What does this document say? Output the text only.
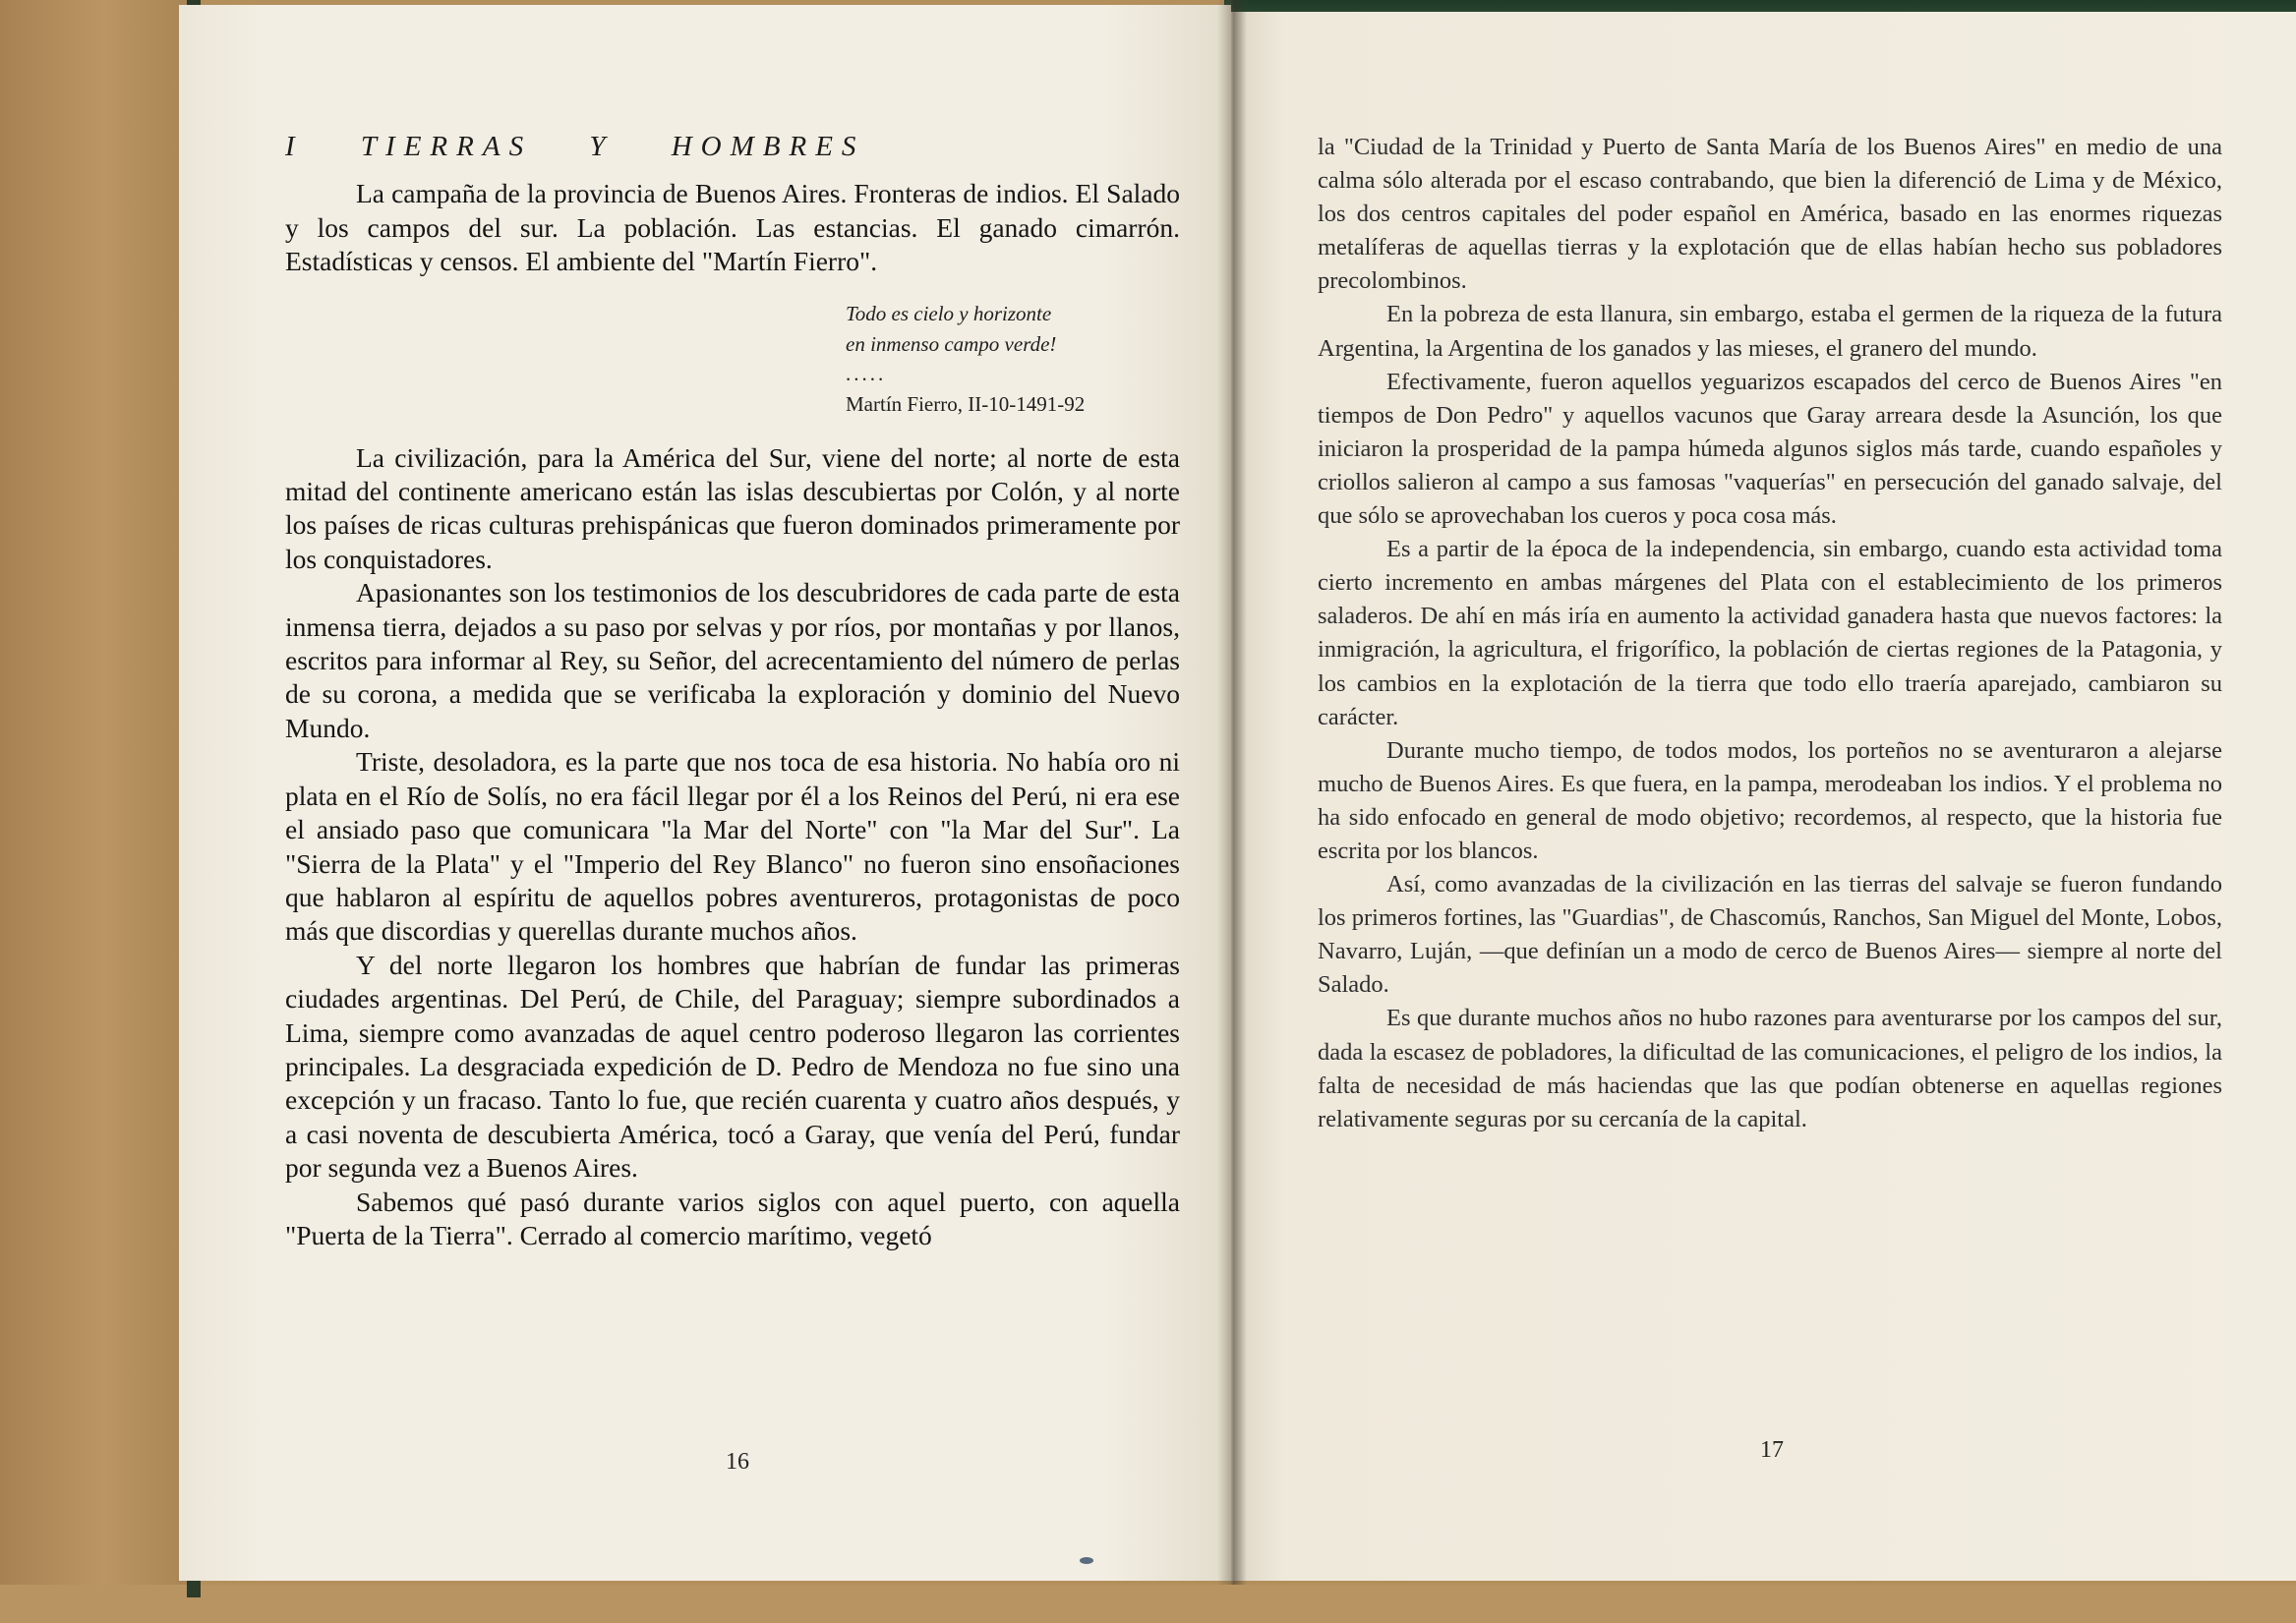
I TIERRAS Y HOMBRES

La campaña de la provincia de Buenos Aires. Fronteras de indios. El Salado y los campos del sur. La población. Las estancias. El ganado cimarrón. Estadísticas y censos. El ambiente del "Martín Fierro".

Todo es cielo y horizonte
en inmenso campo verde!
.....
Martín Fierro, II-10-1491-92

La civilización, para la América del Sur, viene del norte; al norte de esta mitad del continente americano están las islas descubiertas por Colón, y al norte los países de ricas culturas prehispánicas que fueron dominados primeramente por los conquistadores.

Apasionantes son los testimonios de los descubridores de cada parte de esta inmensa tierra, dejados a su paso por selvas y por ríos, por montañas y por llanos, escritos para informar al Rey, su Señor, del acrecentamiento del número de perlas de su corona, a medida que se verificaba la exploración y dominio del Nuevo Mundo.

Triste, desoladora, es la parte que nos toca de esa historia. No había oro ni plata en el Río de Solís, no era fácil llegar por él a los Reinos del Perú, ni era ese el ansiado paso que comunicara "la Mar del Norte" con "la Mar del Sur". La "Sierra de la Plata" y el "Imperio del Rey Blanco" no fueron sino ensoñaciones que hablaron al espíritu de aquellos pobres aventureros, protagonistas de poco más que discordias y querellas durante muchos años.

Y del norte llegaron los hombres que habrían de fundar las primeras ciudades argentinas. Del Perú, de Chile, del Paraguay; siempre subordinados a Lima, siempre como avanzadas de aquel centro poderoso llegaron las corrientes principales. La desgraciada expedición de D. Pedro de Mendoza no fue sino una excepción y un fracaso. Tanto lo fue, que recién cuarenta y cuatro años después, y a casi noventa de descubierta América, tocó a Garay, que venía del Perú, fundar por segunda vez a Buenos Aires.

Sabemos qué pasó durante varios siglos con aquel puerto, con aquella "Puerta de la Tierra". Cerrado al comercio marítimo, vegetó

16

la "Ciudad de la Trinidad y Puerto de Santa María de los Buenos Aires" en medio de una calma sólo alterada por el escaso contrabando, que bien la diferenció de Lima y de México, los dos centros capitales del poder español en América, basado en las enormes riquezas metalíferas de aquellas tierras y la explotación que de ellas habían hecho sus pobladores precolombinos.

En la pobreza de esta llanura, sin embargo, estaba el germen de la riqueza de la futura Argentina, la Argentina de los ganados y las mieses, el granero del mundo.

Efectivamente, fueron aquellos yeguarizos escapados del cerco de Buenos Aires "en tiempos de Don Pedro" y aquellos vacunos que Garay arreara desde la Asunción, los que iniciaron la prosperidad de la pampa húmeda algunos siglos más tarde, cuando españoles y criollos salieron al campo a sus famosas "vaquerías" en persecución del ganado salvaje, del que sólo se aprovechaban los cueros y poca cosa más.

Es a partir de la época de la independencia, sin embargo, cuando esta actividad toma cierto incremento en ambas márgenes del Plata con el establecimiento de los primeros saladeros. De ahí en más iría en aumento la actividad ganadera hasta que nuevos factores: la inmigración, la agricultura, el frigorífico, la población de ciertas regiones de la Patagonia, y los cambios en la explotación de la tierra que todo ello traería aparejado, cambiaron su carácter.

Durante mucho tiempo, de todos modos, los porteños no se aventuraron a alejarse mucho de Buenos Aires. Es que fuera, en la pampa, merodeaban los indios. Y el problema no ha sido enfocado en general de modo objetivo; recordemos, al respecto, que la historia fue escrita por los blancos.

Así, como avanzadas de la civilización en las tierras del salvaje se fueron fundando los primeros fortines, las "Guardias", de Chascomús, Ranchos, San Miguel del Monte, Lobos, Navarro, Luján, —que definían un a modo de cerco de Buenos Aires— siempre al norte del Salado.

Es que durante muchos años no hubo razones para aventurarse por los campos del sur, dada la escasez de pobladores, la dificultad de las comunicaciones, el peligro de los indios, la falta de necesidad de más haciendas que las que podían obtenerse en aquellas regiones relativamente seguras por su cercanía de la capital.

17
